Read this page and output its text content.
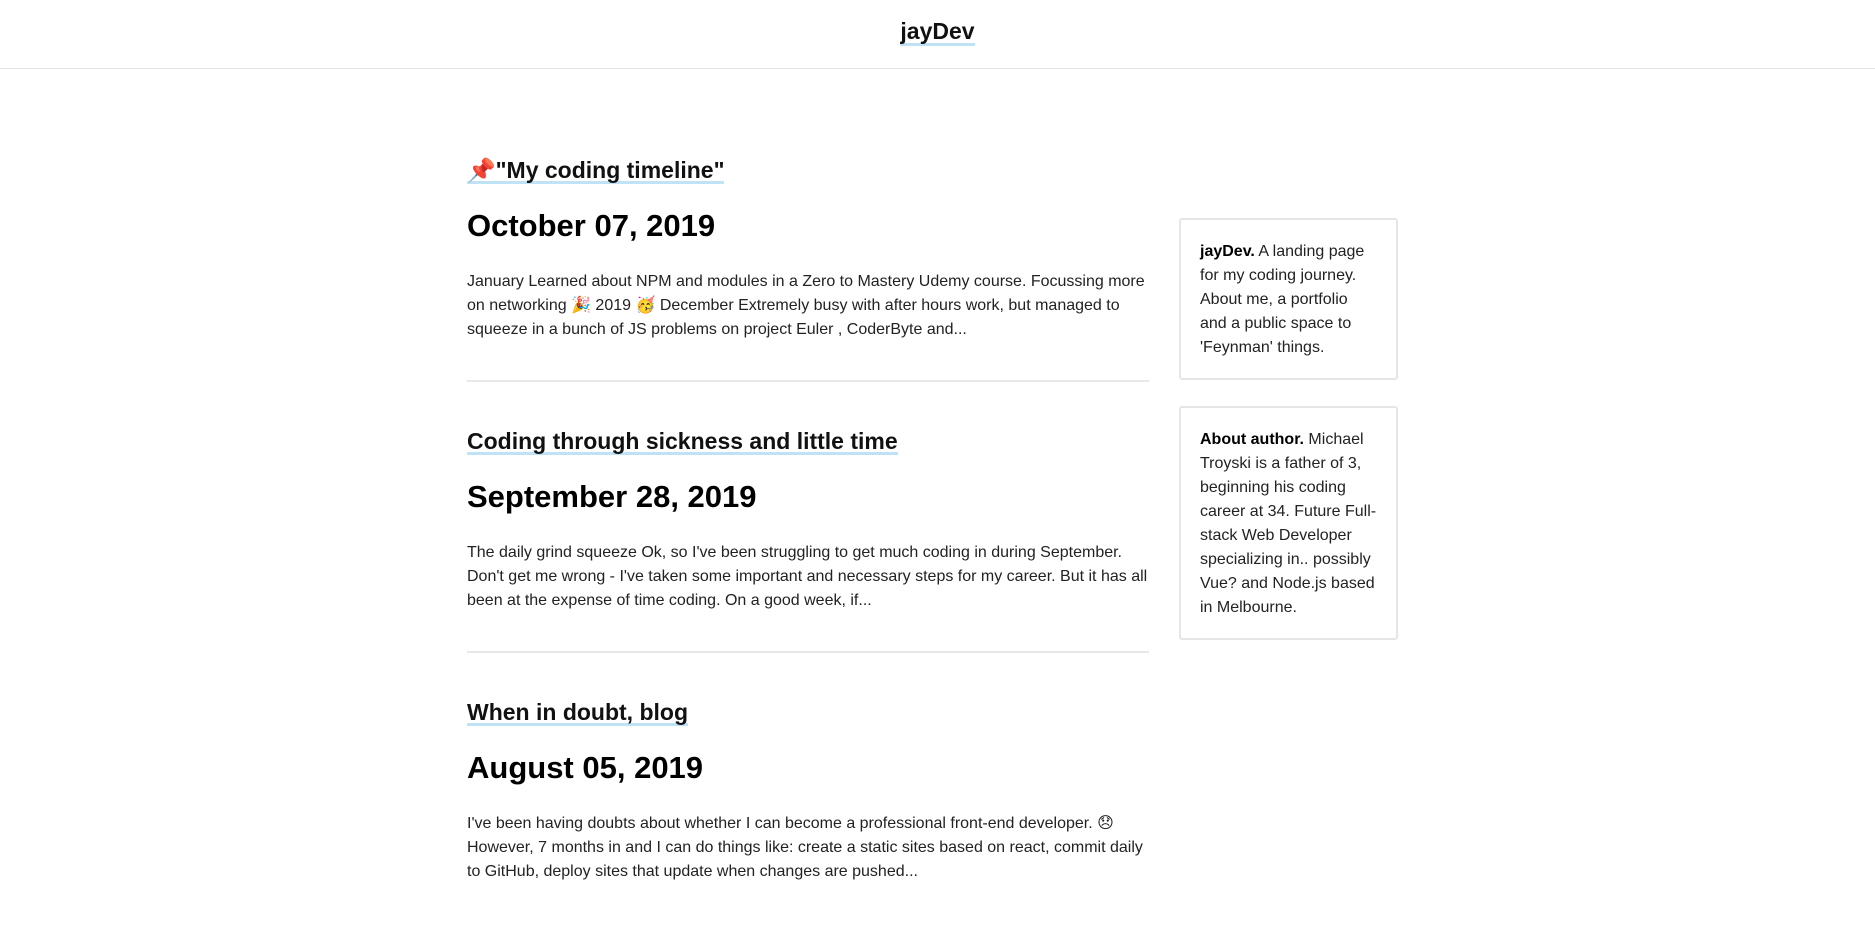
jayDev
📌"My coding timeline"
October 07, 2019

January Learned about NPM and modules in a Zero to Mastery Udemy course. Focussing more on networking 🎉 2019 🥳 December Extremely busy with after hours work, but managed to squeeze in a bunch of JS problems on project Euler , CoderByte and...

Coding through sickness and little time
September 28, 2019

The daily grind squeeze Ok, so I've been struggling to get much coding in during September. Don't get me wrong - I've taken some important and necessary steps for my career. But it has all been at the expense of time coding. On a good week, if...

When in doubt, blog
August 05, 2019

I've been having doubts about whether I can become a professional front-end developer. 😞 However, 7 months in and I can do things like: create a static sites based on react, commit daily to GitHub, deploy sites that update when changes are pushed...

jayDev. A landing page for my coding journey. About me, a portfolio and a public space to 'Feynman' things.
About author. Michael Troyski is a father of 3, beginning his coding career at 34. Future Full-stack Web Developer specializing in.. possibly Vue? and Node.js based in Melbourne.
